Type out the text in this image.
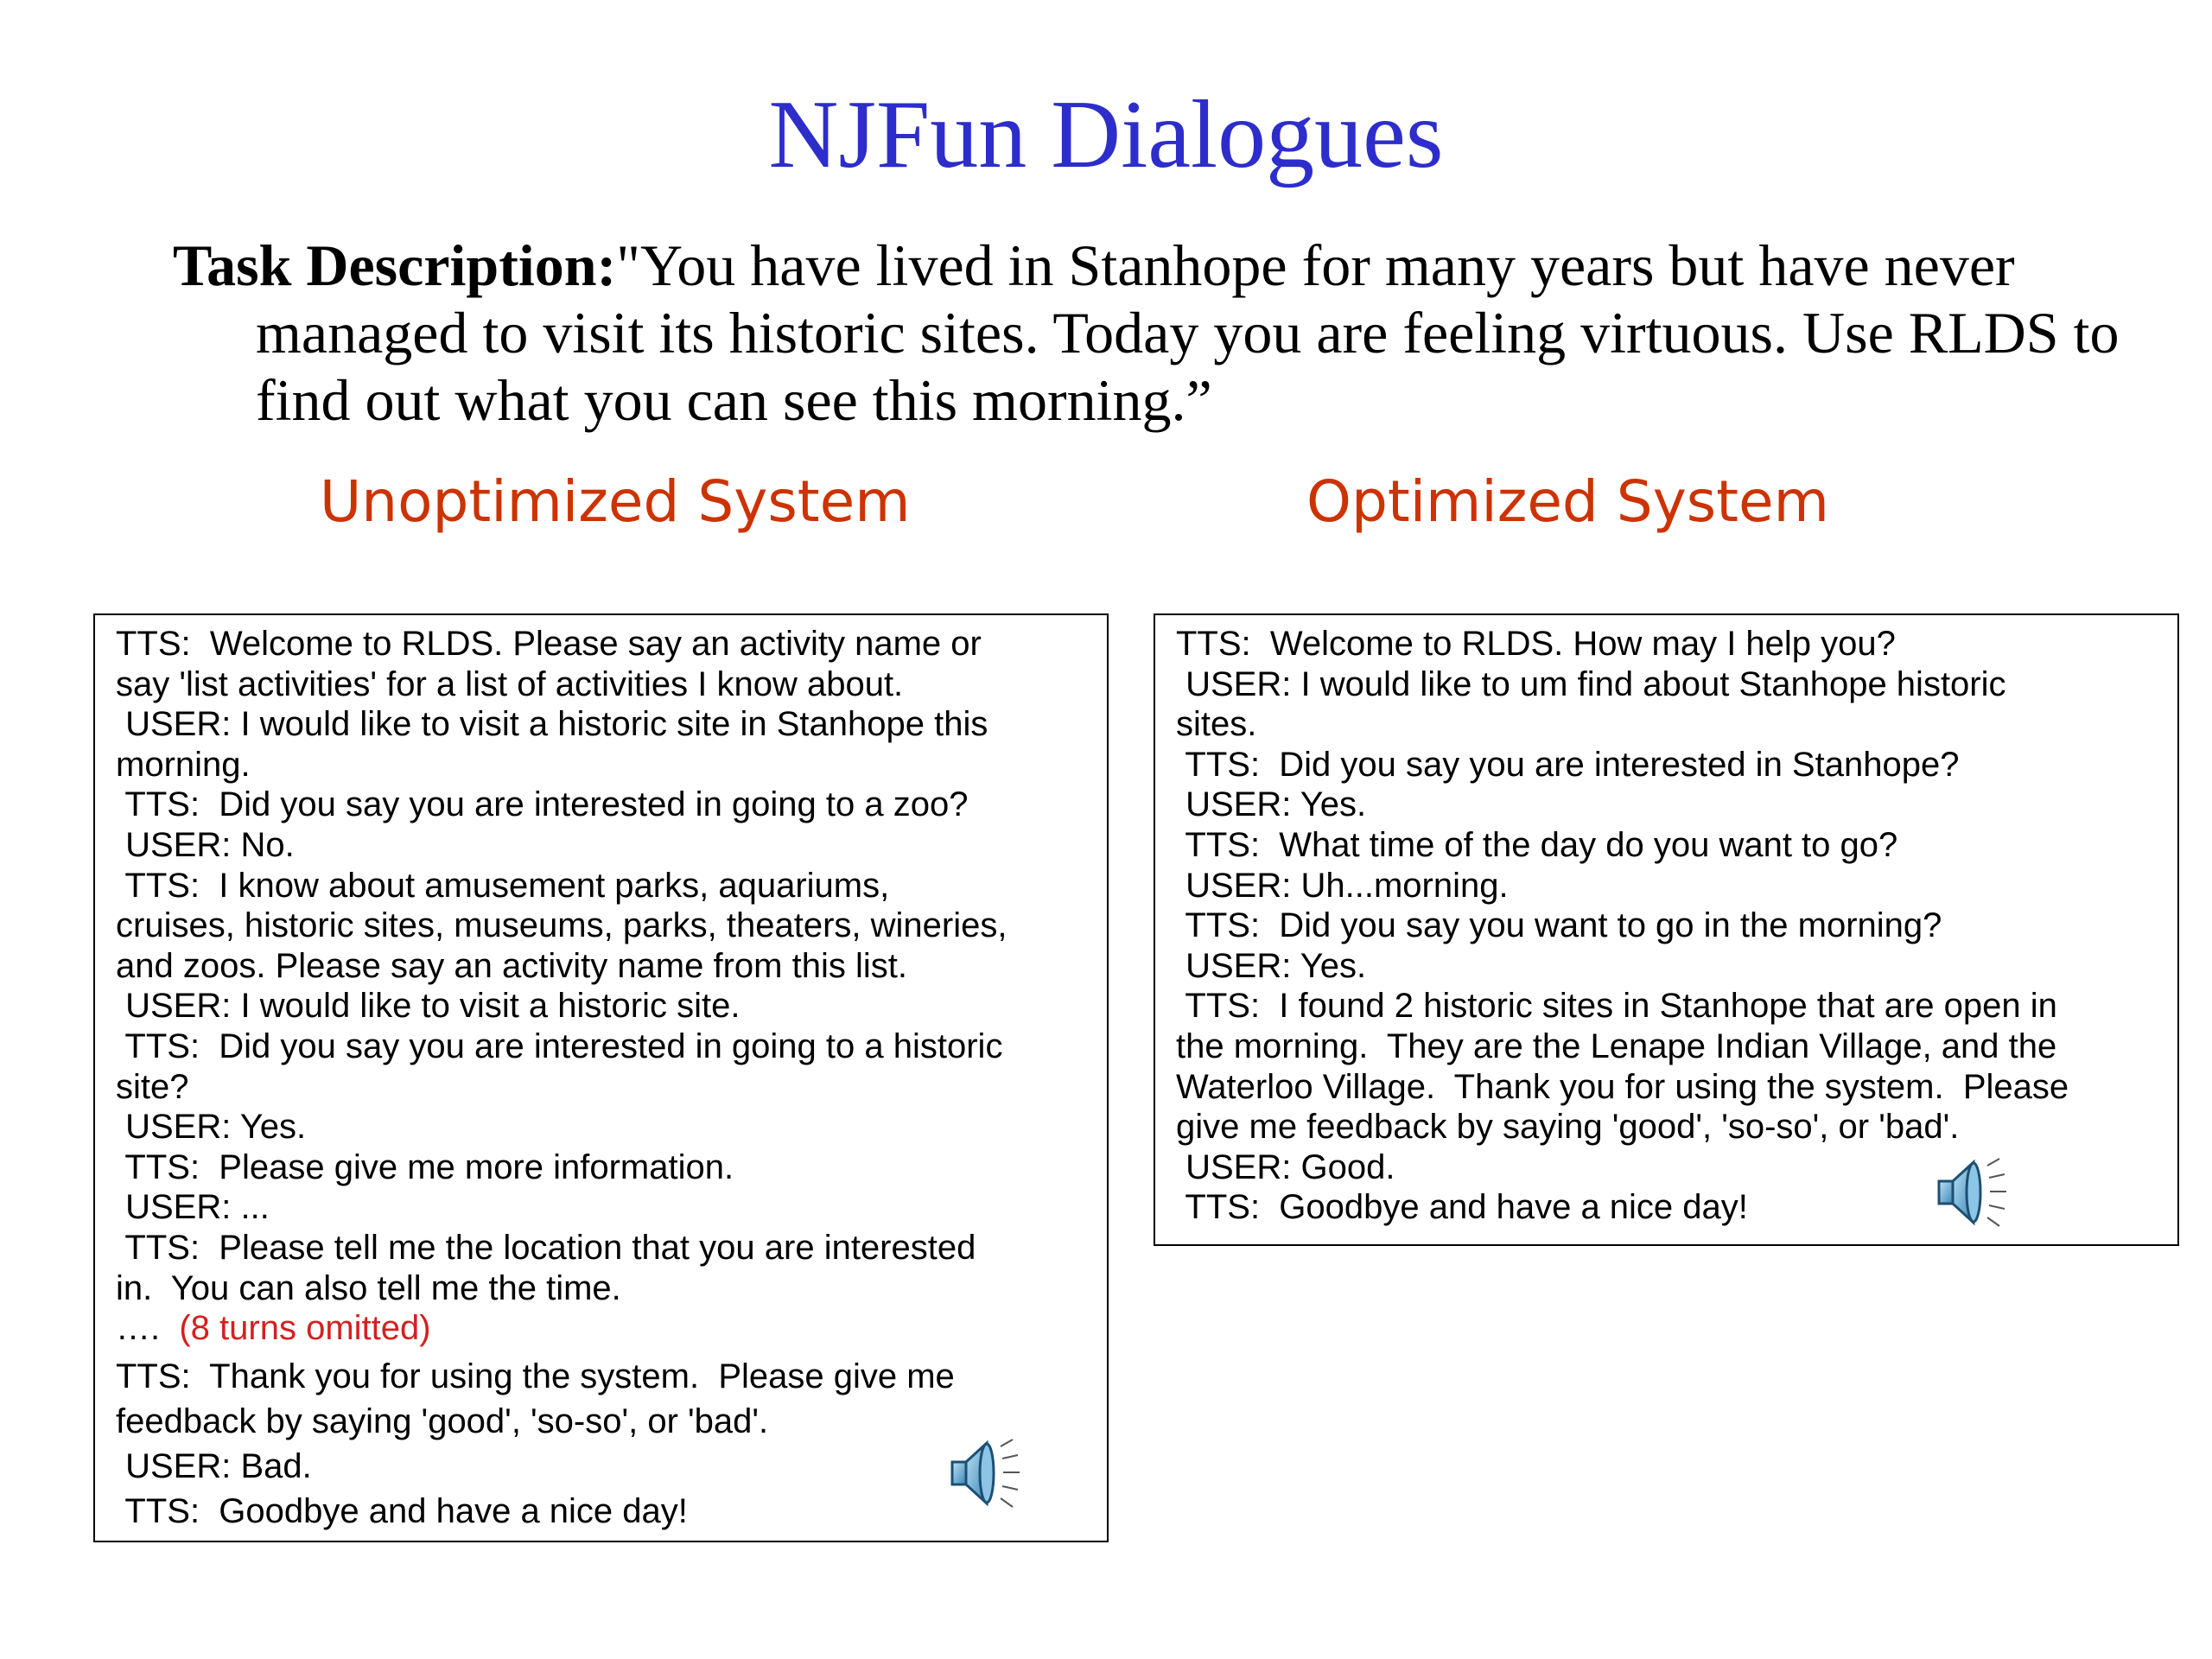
NJFun Dialogues
Task Description:"You have lived in Stanhope for many years but have never managed to visit its historic sites. Today you are feeling virtuous. Use RLDS to find out what you can see this morning.”
Unoptimized System	Optimized System
TTS:  Welcome to RLDS. Please say an activity name or
say 'list activities' for a list of activities I know about.
USER: I would like to visit a historic site in Stanhope this
morning.
TTS:  Did you say you are interested in going to a zoo?
USER: No.
TTS:  I know about amusement parks, aquariums,
cruises, historic sites, museums, parks, theaters, wineries,
and zoos. Please say an activity name from this list.
USER: I would like to visit a historic site.
TTS:  Did you say you are interested in going to a historic
site?
USER: Yes.
TTS:  Please give me more information.
USER: ...
TTS:  Please tell me the location that you are interested
in.  You can also tell me the time.
…. (8 turns omitted)
TTS:  Thank you for using the system.  Please give me
feedback by saying 'good', 'so-so', or 'bad'.
USER: Bad.
TTS:  Goodbye and have a nice day!
TTS:  Welcome to RLDS. How may I help you?
USER: I would like to um find about Stanhope historic
sites.
TTS:  Did you say you are interested in Stanhope?
USER: Yes.
TTS:  What time of the day do you want to go?
USER: Uh...morning.
TTS:  Did you say you want to go in the morning?
USER: Yes.
TTS:  I found 2 historic sites in Stanhope that are open in
the morning.  They are the Lenape Indian Village, and the
Waterloo Village.  Thank you for using the system.  Please
give me feedback by saying 'good', 'so-so', or 'bad'.
USER: Good.
TTS:  Goodbye and have a nice day!
